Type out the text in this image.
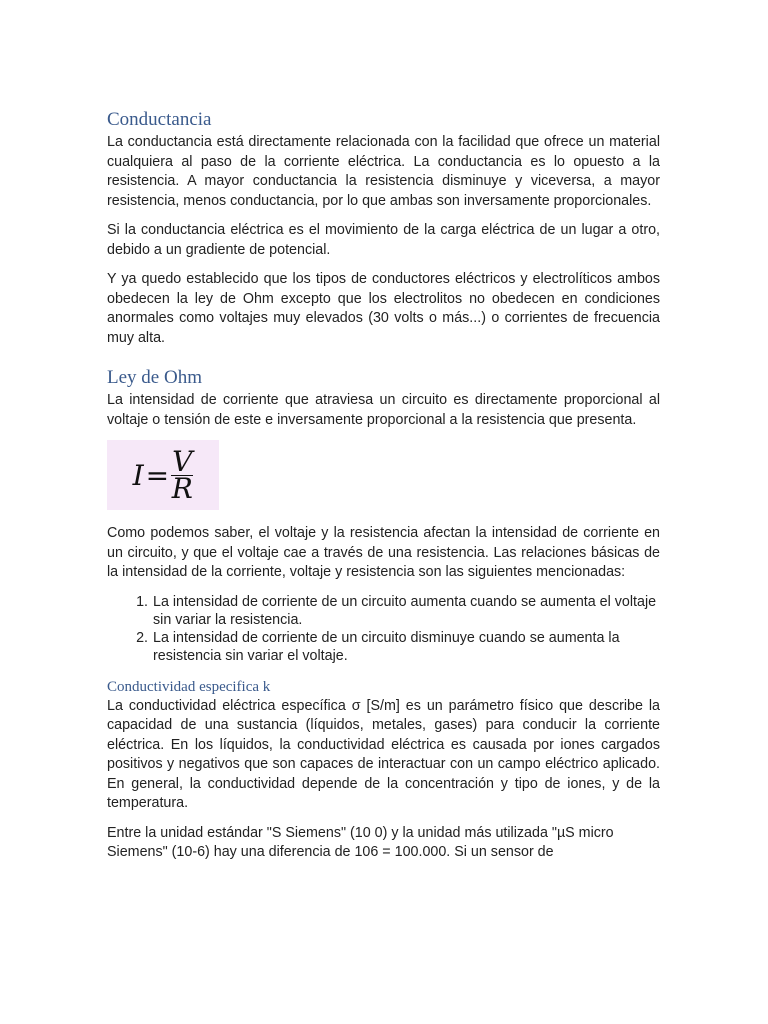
Conductancia

La conductancia está directamente relacionada con la facilidad que ofrece un material cualquiera al paso de la corriente eléctrica. La conductancia es lo opuesto a la resistencia. A mayor conductancia la resistencia disminuye y viceversa, a mayor resistencia, menos conductancia, por lo que ambas son inversamente proporcionales.

Si la conductancia eléctrica es el movimiento de la carga eléctrica de un lugar a otro, debido a un gradiente de potencial.

Y ya quedo establecido que los tipos de conductores eléctricos y electrolíticos ambos obedecen la ley de Ohm excepto que los electrolitos no obedecen en condiciones anormales como voltajes muy elevados (30 volts o más...) o corrientes de frecuencia muy alta.

Ley de Ohm

La intensidad de corriente que atraviesa un circuito es directamente proporcional al voltaje o tensión de este e inversamente proporcional a la resistencia que presenta.

$I = \frac{V}{R}$

Como podemos saber, el voltaje y la resistencia afectan la intensidad de corriente en un circuito, y que el voltaje cae a través de una resistencia. Las relaciones básicas de la intensidad de la corriente, voltaje y resistencia son las siguientes mencionadas:

1. La intensidad de corriente de un circuito aumenta cuando se aumenta el voltaje sin variar la resistencia.
2. La intensidad de corriente de un circuito disminuye cuando se aumenta la resistencia sin variar el voltaje.
Conductividad especifica k

La conductividad eléctrica específica σ [S/m] es un parámetro físico que describe la capacidad de una sustancia (líquidos, metales, gases) para conducir la corriente eléctrica. En los líquidos, la conductividad eléctrica es causada por iones cargados positivos y negativos que son capaces de interactuar con un campo eléctrico aplicado. En general, la conductividad depende de la concentración y tipo de iones, y de la temperatura.

Entre la unidad estándar "S Siemens" (10 0) y la unidad más utilizada "µS micro Siemens" (10-6) hay una diferencia de 106 = 100.000. Si un sensor de
